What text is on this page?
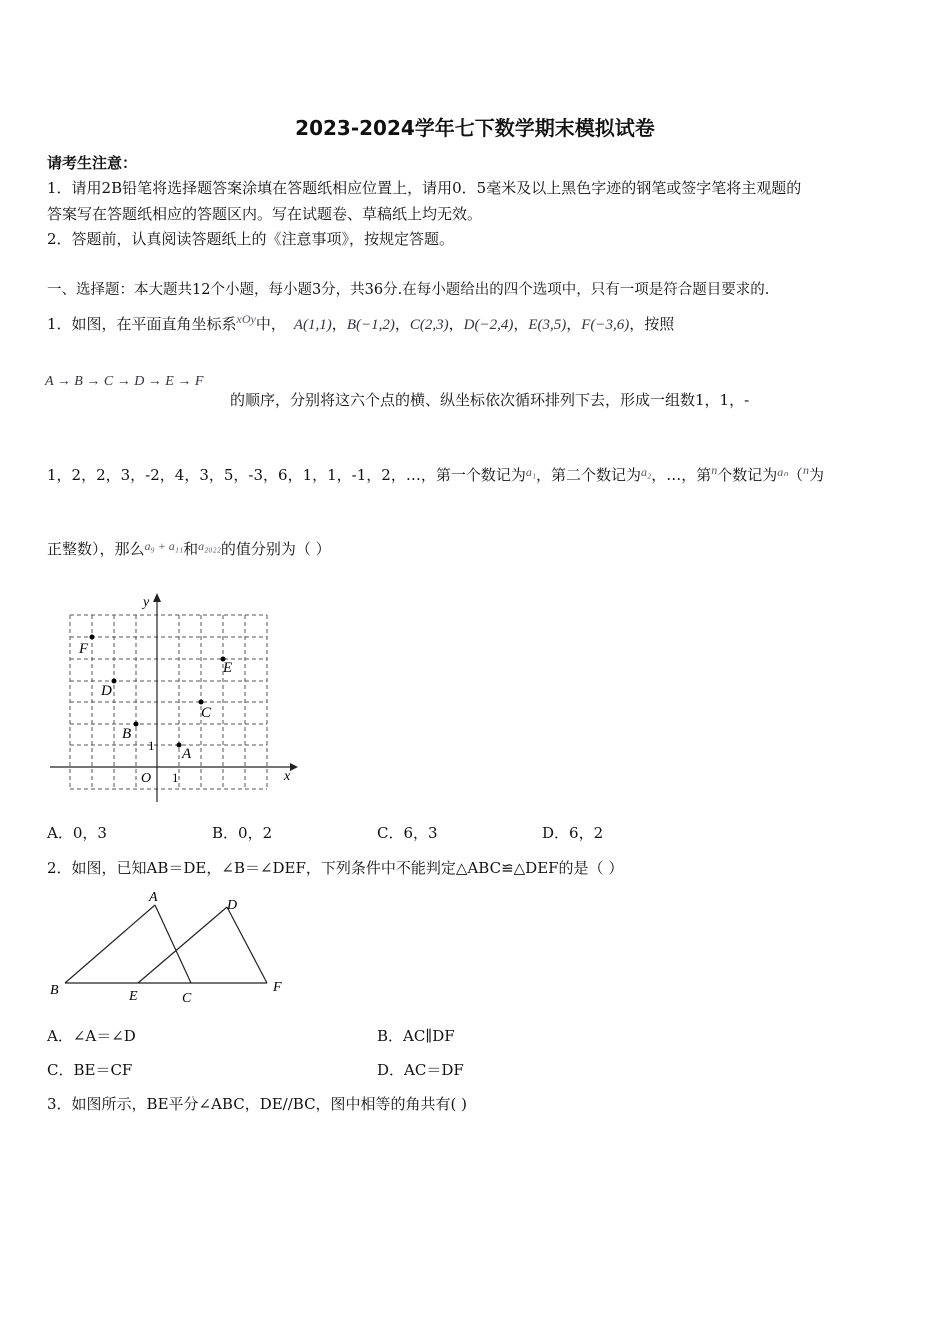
2023-2024学年七下数学期末模拟试卷
请考生注意：
1．请用2B铅笔将选择题答案涂填在答题纸相应位置上，请用0．5毫米及以上黑色字迹的钢笔或签字笔将主观题的
答案写在答题纸相应的答题区内。写在试题卷、草稿纸上均无效。
2．答题前，认真阅读答题纸上的《注意事项》，按规定答题。
一、选择题：本大题共12个小题，每小题3分，共36分.在每小题给出的四个选项中，只有一项是符合题目要求的.
1．如图，在平面直角坐标系 xOy 中， A(1,1) ， B(−1,2) ， C(2,3) ， D(−2,4) ， E(3,5) ， F(−3,6) ，按照
A → B → C → D → E → F
的顺序，分别将这六个点的横、纵坐标依次循环排列下去，形成一组数1，1，-
1，2，2，3，-2，4，3，5，-3，6，1，1，-1，2，…，第一个数记为 a₁ ，第二个数记为 a₂ ，…，第 n 个数记为 aₙ （ n 为
正整数），那么 a₉ + a₁₁ 和 a₂₀₂₂ 的值分别为（ ）
y
x
O 1
1
F
E
D
C
B
A
A．0，3	B．0，2	C．6，3	D．6，2
2．如图，已知AB＝DE，∠B＝∠DEF，下列条件中不能判定△ABC≌△DEF的是（ ）
A
B
C
D
E
F
A．∠A＝∠D	B．AC∥DF
C．BE＝CF	D．AC＝DF
3．如图所示，BE平分∠ABC，DE//BC，图中相等的角共有( )
